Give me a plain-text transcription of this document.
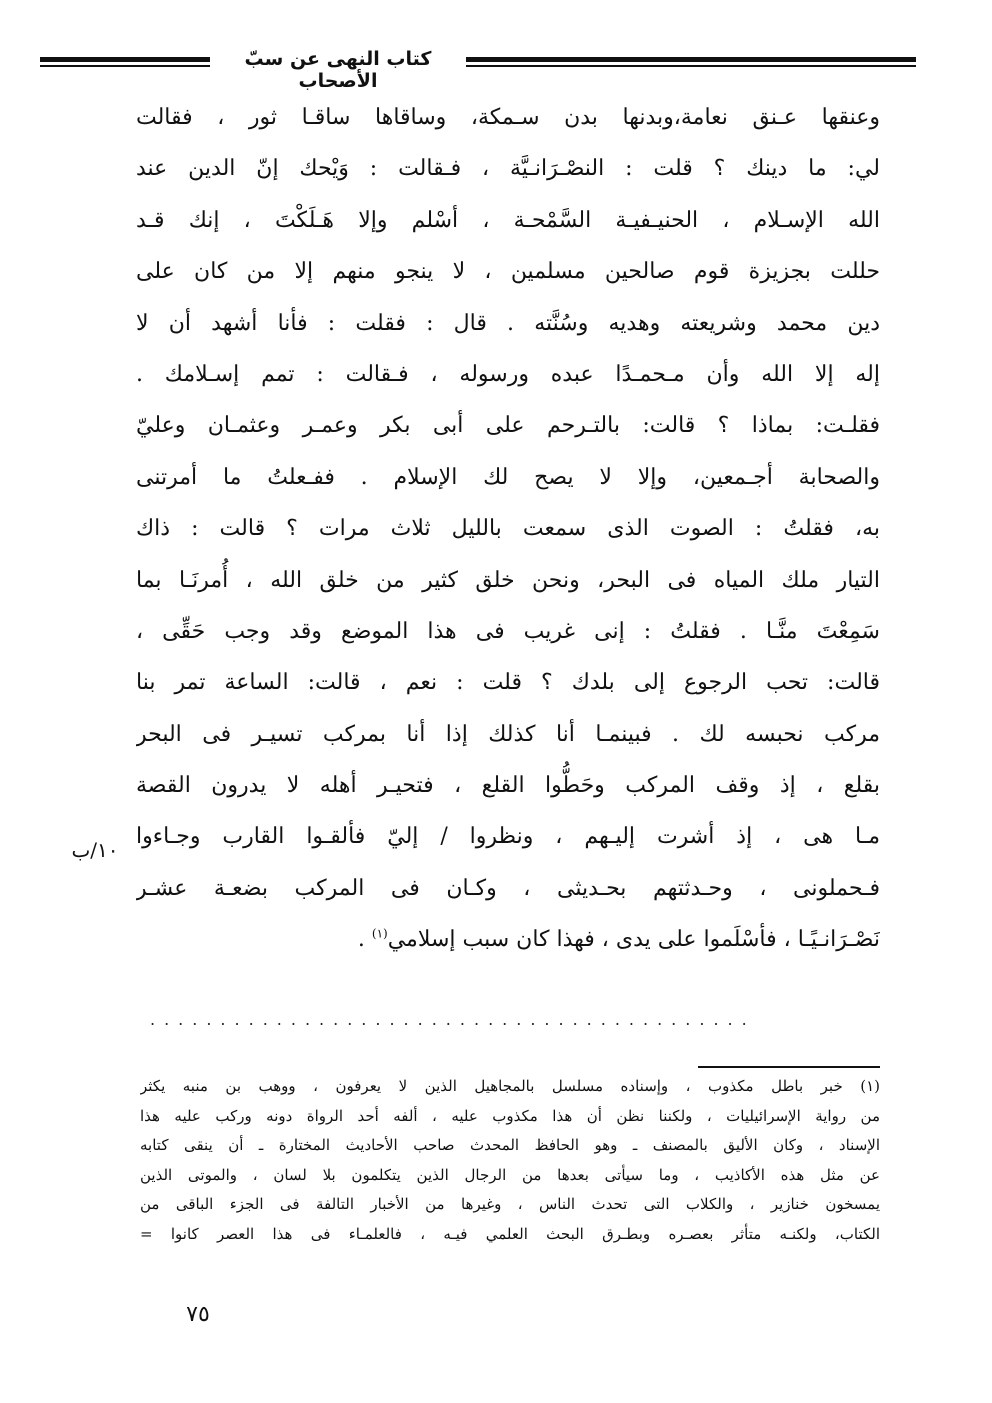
كتاب النهى عن سبّ الأصحاب
وعنقها عـنق نعامة،وبدنها بدن سـمكة، وساقاها ساقـا ثور ، فقالت
لي: ما دينك ؟ قلت : النصْـرَانـيَّة ، فـقالت : وَيْحك إنّ الدين عند
الله الإسـلام ، الحنيـفيـة السَّمْحـة ، أسْلم وإلا هَـلَكْتَ ، إنك قـد
حللت بجزيزة قوم صالحين مسلمين ، لا ينجو منهم إلا من كان على
دين محمد وشريعته وهديه وسُنَّته . قال : فقلت : فأنا أشهد أن لا
إله إلا الله وأن مـحمـدًا عبده ورسوله ، فـقالت : تمم إسـلامك .
فقلـت: بماذا ؟ قالت: بالتـرحم على أبى بكر وعمـر وعثمـان وعليّ
والصحابة أجـمعين، وإلا لا يصح لك الإسلام . ففـعلتُ ما أمرتنى
به، فقلتُ : الصوت الذى سمعت بالليل ثلاث مرات ؟ قالت : ذاك
التيار ملك المياه فى البحر، ونحن خلق كثير من خلق الله ، أُمرنَـا بما
سَمِعْتَ منَّـا . فقلتُ : إنى غريب فى هذا الموضع وقد وجب حَقِّى ،
قالت: تحب الرجوع إلى بلدك ؟ قلت : نعم ، قالت: الساعة تمر بنا
مركب نحبسه لك . فبينمـا أنا كذلك إذا أنا بمركب تسيـر فى البحر
بقلع ، إذ وقف المركب وحَطُّوا القلع ، فتحيـر أهله لا يدرون القصة
مـا هى ، إذ أشرت إليـهم ، ونظروا / إليّ فألقـوا القارب وجـاءوا
فـحملونى ، وحـدثتهم بحـديثى ، وكـان فى المركب بضعـة عشـر
نَصْـرَانـيًـا ، فأسْلَموا على يدى ، فهذا كان سبب إسلامي$^{(١)}$ .
١٠/ب
...........................................
(١) خبر باطل مكذوب ، وإسناده مسلسل بالمجاهيل الذين لا يعرفون ، ووهب بن منبه يكثر
من رواية الإسرائيليات ، ولكننا نظن أن هذا مكذوب عليه ، ألفه أحد الرواة دونه وركب عليه هذا
الإسناد ، وكان الأليق بالمصنف ـ وهو الحافظ المحدث صاحب الأحاديث المختارة ـ أن ينقى كتابه
عن مثل هذه الأكاذيب ، وما سيأتى بعدها من الرجال الذين يتكلمون بلا لسان ، والموتى الذين
يمسخون خنازير ، والكلاب التى تحدث الناس ، وغيرها من الأخبار التالفة فى الجزء الباقى من
الكتاب، ولكنـه متأثر بعصـره وبطـرق البحث العلمي فيـه ، فالعلمـاء فى هذا العصر كانوا =
٧٥
